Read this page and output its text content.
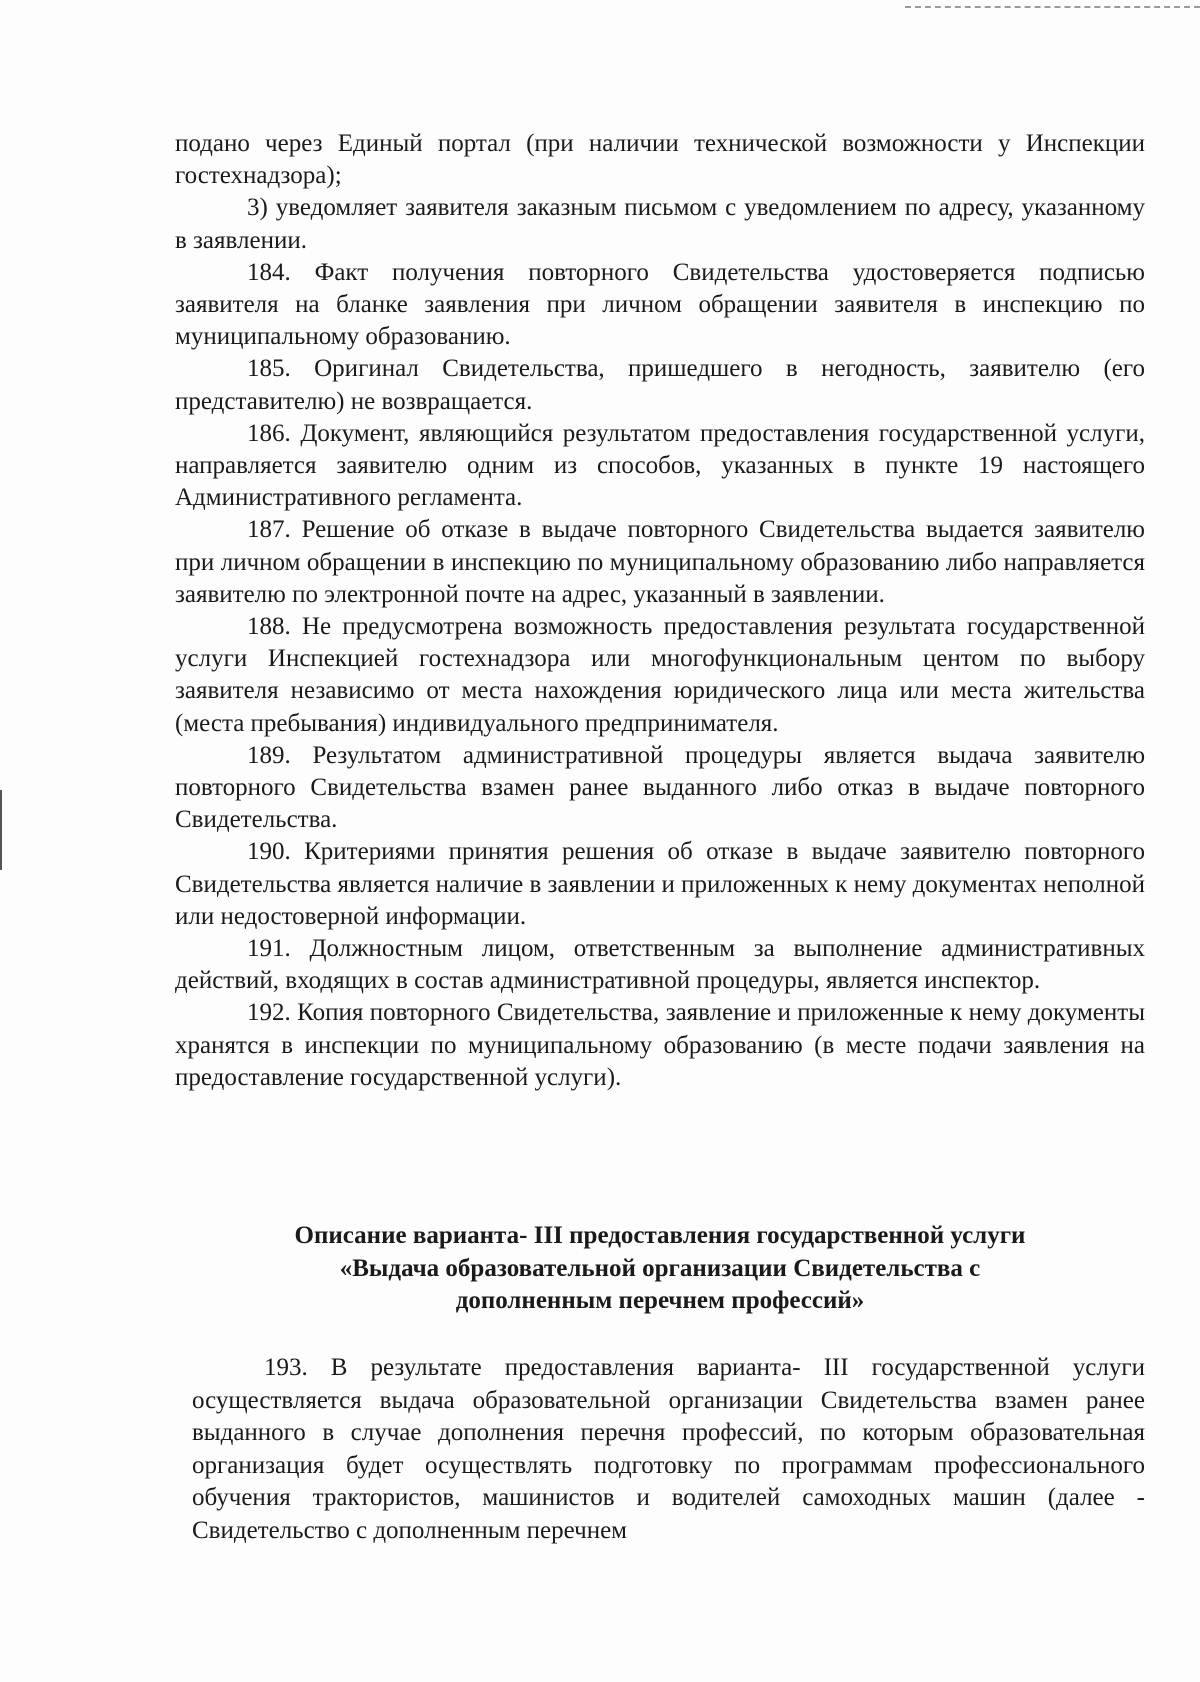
подано через Единый портал (при наличии технической возможности у Инспекции гостехнадзора);

3) уведомляет заявителя заказным письмом с уведомлением по адресу, указанному в заявлении.

184. Факт получения повторного Свидетельства удостоверяется подписью заявителя на бланке заявления при личном обращении заявителя в инспекцию по муниципальному образованию.

185. Оригинал Свидетельства, пришедшего в негодность, заявителю (его представителю) не возвращается.

186. Документ, являющийся результатом предоставления государственной услуги, направляется заявителю одним из способов, указанных в пункте 19 настоящего Административного регламента.

187. Решение об отказе в выдаче повторного Свидетельства выдается заявителю при личном обращении в инспекцию по муниципальному образованию либо направляется заявителю по электронной почте на адрес, указанный в заявлении.

188. Не предусмотрена возможность предоставления результата государственной услуги Инспекцией гостехнадзора или многофункциональным центом по выбору заявителя независимо от места нахождения юридического лица или места жительства (места пребывания) индивидуального предпринимателя.

189. Результатом административной процедуры является выдача заявителю повторного Свидетельства взамен ранее выданного либо отказ в выдаче повторного Свидетельства.

190. Критериями принятия решения об отказе в выдаче заявителю повторного Свидетельства является наличие в заявлении и приложенных к нему документах неполной или недостоверной информации.

191. Должностным лицом, ответственным за выполнение административных действий, входящих в состав административной процедуры, является инспектор.

192. Копия повторного Свидетельства, заявление и приложенные к нему документы хранятся в инспекции по муниципальному образованию (в месте подачи заявления на предоставление государственной услуги).

Описание варианта- III предоставления государственной услуги
«Выдача образовательной организации Свидетельства с
дополненным перечнем профессий»

193. В результате предоставления варианта- III государственной услуги осуществляется выдача образовательной организации Свидетельства взамен ранее выданного в случае дополнения перечня профессий, по которым образовательная организация будет осуществлять подготовку по программам профессионального обучения трактористов, машинистов и водителей самоходных машин (далее - Свидетельство с дополненным перечнем
